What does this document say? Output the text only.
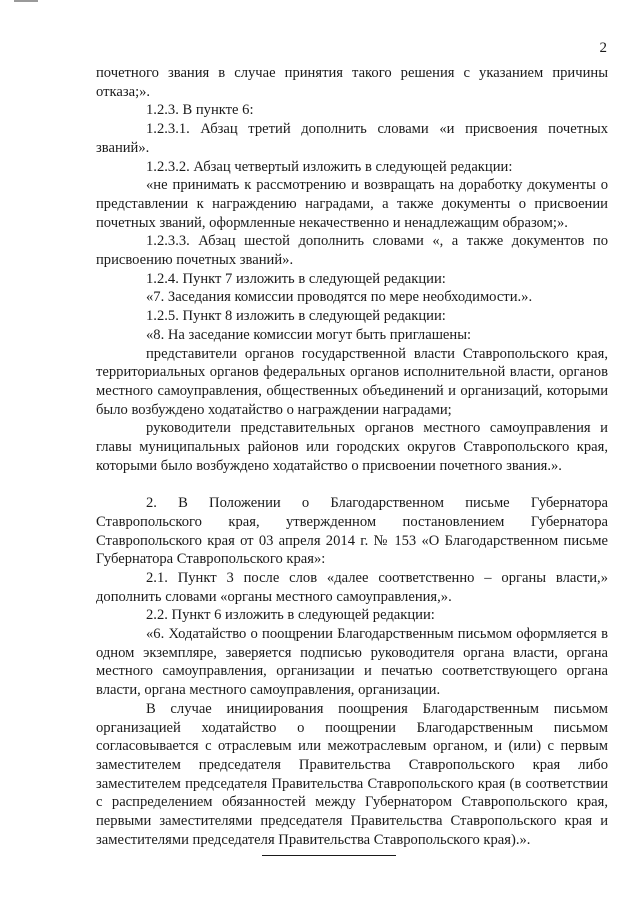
2

почетного звания в случае принятия такого решения с указанием причины отказа;».

1.2.3. В пункте 6:

1.2.3.1. Абзац третий дополнить словами «и присвоения почетных званий».

1.2.3.2. Абзац четвертый изложить в следующей редакции:

«не принимать к рассмотрению и возвращать на доработку документы о представлении к награждению наградами, а также документы о присвоении почетных званий, оформленные некачественно и ненадлежащим образом;».

1.2.3.3. Абзац шестой дополнить словами «, а также документов по присвоению почетных званий».

1.2.4. Пункт 7 изложить в следующей редакции:

«7. Заседания комиссии проводятся по мере необходимости.».

1.2.5. Пункт 8 изложить в следующей редакции:

«8. На заседание комиссии могут быть приглашены:

представители органов государственной власти Ставропольского края, территориальных органов федеральных органов исполнительной власти, органов местного самоуправления, общественных объединений и организаций, которыми было возбуждено ходатайство о награждении наградами;

руководители представительных органов местного самоуправления и главы муниципальных районов или городских округов Ставропольского края, которыми было возбуждено ходатайство о присвоении почетного звания.».

2. В Положении о Благодарственном письме Губернатора Ставропольского края, утвержденном постановлением Губернатора Ставропольского края от 03 апреля 2014 г. № 153 «О Благодарственном письме Губернатора Ставропольского края»:

2.1. Пункт 3 после слов «далее соответственно – органы власти,» дополнить словами «органы местного самоуправления,».

2.2. Пункт 6 изложить в следующей редакции:

«6. Ходатайство о поощрении Благодарственным письмом оформляется в одном экземпляре, заверяется подписью руководителя органа власти, органа местного самоуправления, организации и печатью соответствующего органа власти, органа местного самоуправления, организации.

В случае инициирования поощрения Благодарственным письмом организацией ходатайство о поощрении Благодарственным письмом согласовывается с отраслевым или межотраслевым органом, и (или) с первым заместителем председателя Правительства Ставропольского края либо заместителем председателя Правительства Ставропольского края (в соответствии с распределением обязанностей между Губернатором Ставропольского края, первыми заместителями председателя Правительства Ставропольского края и заместителями председателя Правительства Ставропольского края).».
